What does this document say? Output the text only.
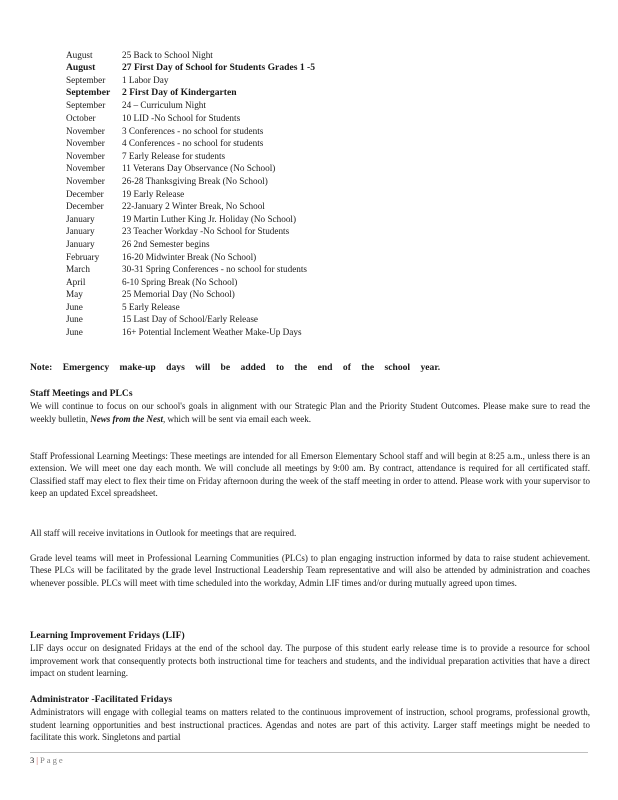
August	25 Back to School Night
August	27 First Day of School for Students Grades 1 -5
September 1 Labor Day
September 2 First Day of Kindergarten
September 24 – Curriculum Night
October	10 LID -No School for Students
November 3 Conferences - no school for students
November 4 Conferences - no school for students
November 7 Early Release for students
November 11 Veterans Day Observance (No School)
November 26-28 Thanksgiving Break (No School)
December 19 Early Release
December 22-January 2 Winter Break, No School
January	19 Martin Luther King Jr. Holiday (No School)
January	23 Teacher Workday -No School for Students
January	26 2nd Semester begins
February 16-20 Midwinter Break (No School)
March	30-31 Spring Conferences - no school for students
April	6-10 Spring Break (No School)
May	25 Memorial Day (No School)
June	5 Early Release
June	15 Last Day of School/Early Release
June	16+ Potential Inclement Weather Make-Up Days
Note: Emergency make-up days will be added to the end of the school year.
Staff Meetings and PLCs
We will continue to focus on our school's goals in alignment with our Strategic Plan and the Priority Student Outcomes. Please make sure to read the weekly bulletin, News from the Nest, which will be sent via email each week.
Staff Professional Learning Meetings: These meetings are intended for all Emerson Elementary School staff and will begin at 8:25 a.m., unless there is an extension. We will meet one day each month. We will conclude all meetings by 9:00 am. By contract, attendance is required for all certificated staff. Classified staff may elect to flex their time on Friday afternoon during the week of the staff meeting in order to attend. Please work with your supervisor to keep an updated Excel spreadsheet.
All staff will receive invitations in Outlook for meetings that are required.
Grade level teams will meet in Professional Learning Communities (PLCs) to plan engaging instruction informed by data to raise student achievement. These PLCs will be facilitated by the grade level Instructional Leadership Team representative and will also be attended by administration and coaches whenever possible. PLCs will meet with time scheduled into the workday, Admin LIF times and/or during mutually agreed upon times.
Learning Improvement Fridays (LIF)
LIF days occur on designated Fridays at the end of the school day. The purpose of this student early release time is to provide a resource for school improvement work that consequently protects both instructional time for teachers and students, and the individual preparation activities that have a direct impact on student learning.
Administrator -Facilitated Fridays
Administrators will engage with collegial teams on matters related to the continuous improvement of instruction, school programs, professional growth, student learning opportunities and best instructional practices. Agendas and notes are part of this activity. Larger staff meetings might be needed to facilitate this work. Singletons and partial
3 | Page
